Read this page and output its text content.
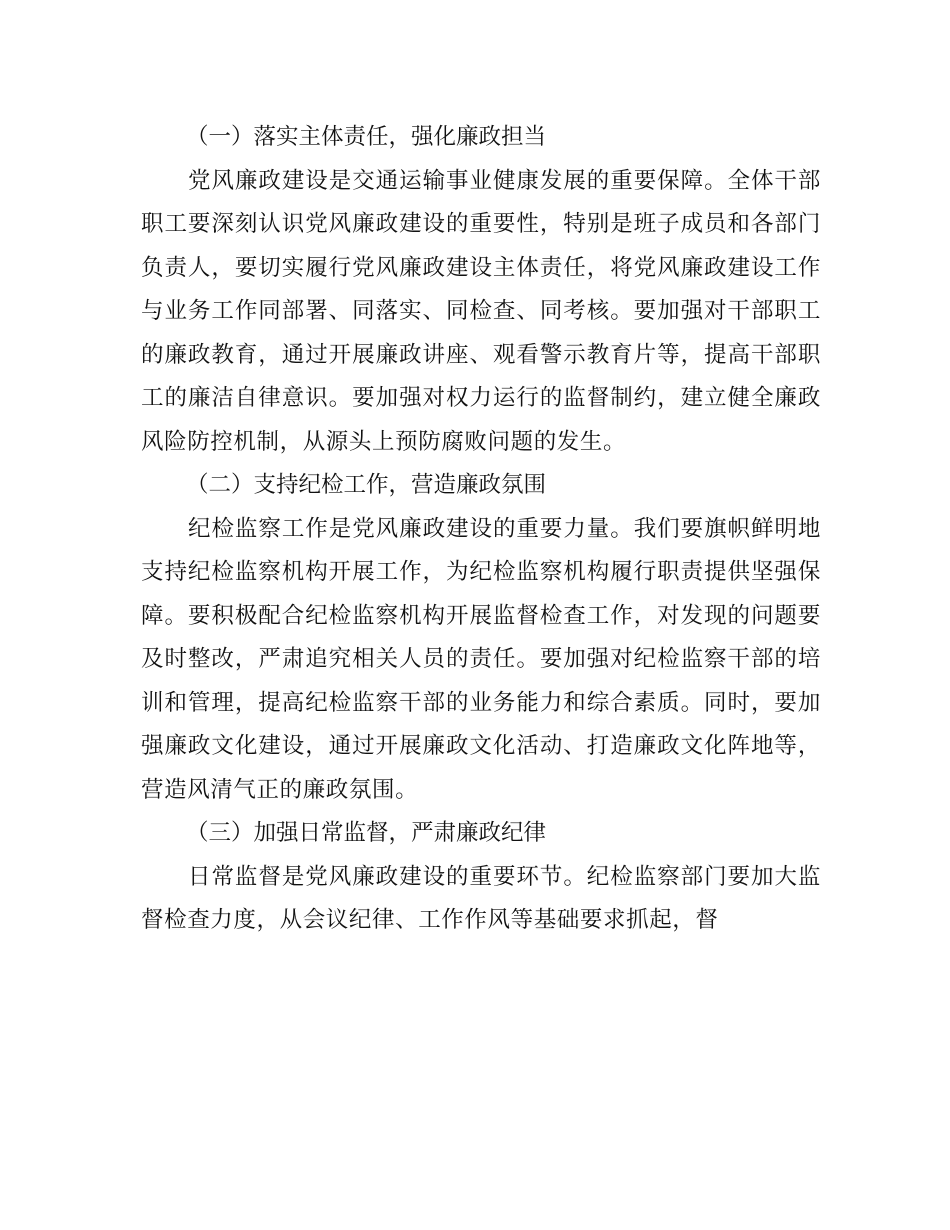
（一）落实主体责任，强化廉政担当

党风廉政建设是交通运输事业健康发展的重要保障。全体干部职工要深刻认识党风廉政建设的重要性，特别是班子成员和各部门负责人，要切实履行党风廉政建设主体责任，将党风廉政建设工作与业务工作同部署、同落实、同检查、同考核。要加强对干部职工的廉政教育，通过开展廉政讲座、观看警示教育片等，提高干部职工的廉洁自律意识。要加强对权力运行的监督制约，建立健全廉政风险防控机制，从源头上预防腐败问题的发生。

（二）支持纪检工作，营造廉政氛围

纪检监察工作是党风廉政建设的重要力量。我们要旗帜鲜明地支持纪检监察机构开展工作，为纪检监察机构履行职责提供坚强保障。要积极配合纪检监察机构开展监督检查工作，对发现的问题要及时整改，严肃追究相关人员的责任。要加强对纪检监察干部的培训和管理，提高纪检监察干部的业务能力和综合素质。同时，要加强廉政文化建设，通过开展廉政文化活动、打造廉政文化阵地等，营造风清气正的廉政氛围。

（三）加强日常监督，严肃廉政纪律

日常监督是党风廉政建设的重要环节。纪检监察部门要加大监督检查力度，从会议纪律、工作作风等基础要求抓起，督
